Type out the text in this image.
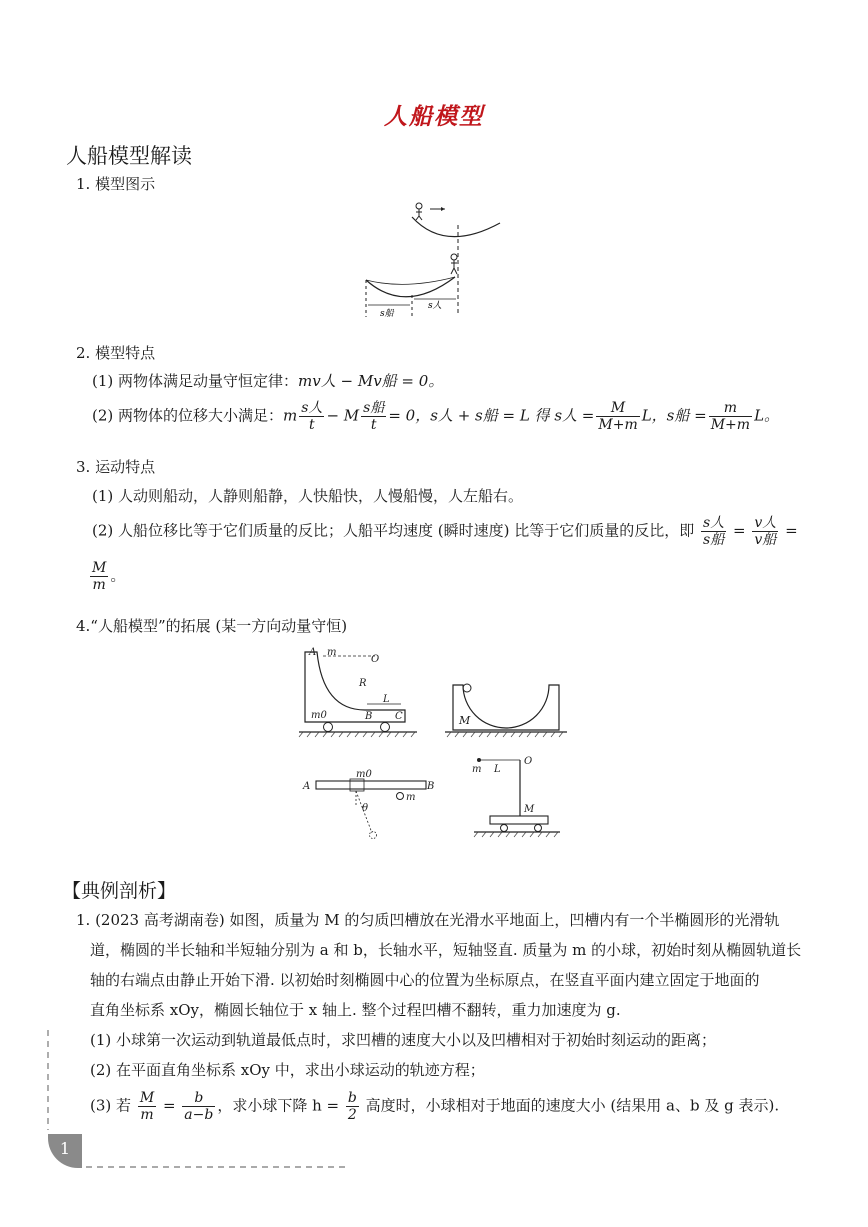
人船模型
人船模型解读
1. 模型图示
s船
s人
2. 模型特点
(1) 两物体满足动量守恒定律：mv人 − Mv船 = 0。
(2) 两物体的位移大小满足：m $\frac{\text{s人}}{t} - M \frac{\text{s船}}{t} = 0$，s人 + s船 = L 得 s人 = $\frac{M}{M+m}$ L，s船 = $\frac{m}{M+m}$ L。
3. 运动特点
(1) 人动则船动，人静则船静，人快船快，人慢船慢，人左船右。
(2) 人船位移比等于它们质量的反比；人船平均速度 (瞬时速度) 比等于它们质量的反比，即 $\frac{\text{s人}}{\text{s船}} = \frac{\text{v人}}{\text{v船}}$ =
$\frac{M}{m}$ 。
4.“人船模型”的拓展 (某一方向动量守恒)
A m
O
R
L
m0	B C	M
A
m0
B
m
θ
m L
O
M
【典例剖析】
1. (2023 高考湖南卷) 如图，质量为 M 的匀质凹槽放在光滑水平地面上，凹槽内有一个半椭圆形的光滑轨
道，椭圆的半长轴和半短轴分别为 a 和 b，长轴水平，短轴竖直. 质量为 m 的小球，初始时刻从椭圆轨道长
轴的右端点由静止开始下滑. 以初始时刻椭圆中心的位置为坐标原点，在竖直平面内建立固定于地面的
直角坐标系 xOy，椭圆长轴位于 x 轴上. 整个过程凹槽不翻转，重力加速度为 g.
(1) 小球第一次运动到轨道最低点时，求凹槽的速度大小以及凹槽相对于初始时刻运动的距离；
(2) 在平面直角坐标系 xOy 中，求出小球运动的轨迹方程；
(3) 若 $\frac{M}{m} = \frac{b}{a-b}$ ，求小球下降 $h = \frac{b}{2}$ 高度时，小球相对于地面的速度大小 (结果用 a、b 及 g 表示).
1
